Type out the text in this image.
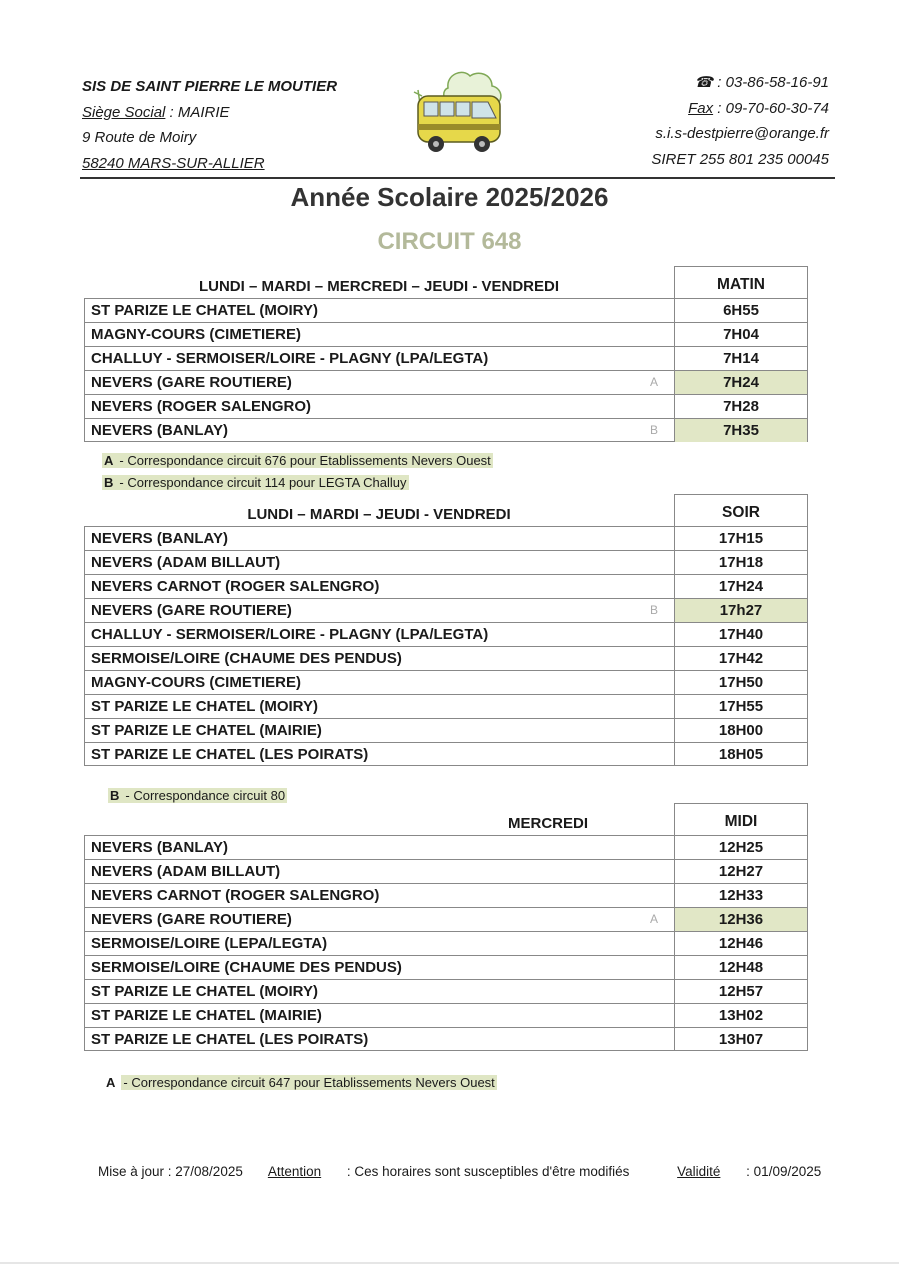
SIS DE SAINT PIERRE LE MOUTIER
Siège Social : MAIRIE
9 Route de Moiry
58240 MARS-SUR-ALLIER
☎ : 03-86-58-16-91
Fax : 09-70-60-30-74
s.i.s-destpierre@orange.fr
SIRET 255 801 235 00045
Année Scolaire 2025/2026
CIRCUIT 648
LUNDI – MARDI – MERCREDI – JEUDI - VENDREDI	MATIN
ST PARIZE LE CHATEL (MOIRY)	6H55
MAGNY-COURS (CIMETIERE)	7H04
CHALLUY - SERMOISER/LOIRE - PLAGNY (LPA/LEGTA)	7H14
NEVERS (GARE ROUTIERE)	A	7H24
NEVERS (ROGER SALENGRO)	7H28
NEVERS (BANLAY)	B	7H35
A - Correspondance circuit 676 pour Etablissements Nevers Ouest
B - Correspondance circuit 114 pour LEGTA Challuy
LUNDI – MARDI – JEUDI - VENDREDI	SOIR
NEVERS (BANLAY)	17H15
NEVERS (ADAM BILLAUT)	17H18
NEVERS CARNOT (ROGER SALENGRO)	17H24
NEVERS (GARE ROUTIERE)	B	17h27
CHALLUY - SERMOISER/LOIRE - PLAGNY (LPA/LEGTA)	17H40
SERMOISE/LOIRE (CHAUME DES PENDUS)	17H42
MAGNY-COURS (CIMETIERE)	17H50
ST PARIZE LE CHATEL (MOIRY)	17H55
ST PARIZE LE CHATEL (MAIRIE)	18H00
ST PARIZE LE CHATEL (LES POIRATS)	18H05
B - Correspondance circuit 80
MERCREDI	MIDI
NEVERS (BANLAY)	12H25
NEVERS (ADAM BILLAUT)	12H27
NEVERS CARNOT (ROGER SALENGRO)	12H33
NEVERS (GARE ROUTIERE)	A	12H36
SERMOISE/LOIRE (LEPA/LEGTA)	12H46
SERMOISE/LOIRE (CHAUME DES PENDUS)	12H48
ST PARIZE LE CHATEL (MOIRY)	12H57
ST PARIZE LE CHATEL (MAIRIE)	13H02
ST PARIZE LE CHATEL (LES POIRATS)	13H07
A - Correspondance circuit 647 pour Etablissements Nevers Ouest
Mise à jour : 27/08/2025 Attention : Ces horaires sont susceptibles d'être modifiés	Validité : 01/09/2025
